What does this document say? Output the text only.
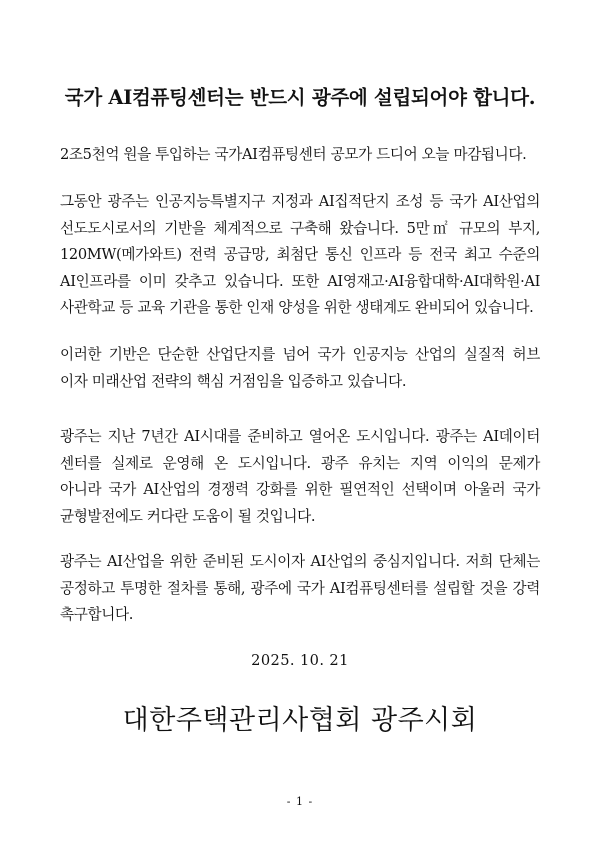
국가 AI컴퓨팅센터는 반드시 광주에 설립되어야 합니다.
2조5천억 원을 투입하는 국가AI컴퓨팅센터 공모가 드디어 오늘 마감됩니다.
그동안 광주는 인공지능특별지구 지정과 AI집적단지 조성 등 국가 AI산업의
선도도시로서의 기반을 체계적으로 구축해 왔습니다. 5만㎡ 규모의 부지,
120MW(메가와트) 전력 공급망, 최첨단 통신 인프라 등 전국 최고 수준의
AI인프라를 이미 갖추고 있습니다. 또한 AI영재고·AI융합대학·AI대학원·AI
사관학교 등 교육 기관을 통한 인재 양성을 위한 생태계도 완비되어 있습니다.
이러한 기반은 단순한 산업단지를 넘어 국가 인공지능 산업의 실질적 허브
이자 미래산업 전략의 핵심 거점임을 입증하고 있습니다.
광주는 지난 7년간 AI시대를 준비하고 열어온 도시입니다. 광주는 AI데이터
센터를 실제로 운영해 온 도시입니다. 광주 유치는 지역 이익의 문제가
아니라 국가 AI산업의 경쟁력 강화를 위한 필연적인 선택이며 아울러 국가
균형발전에도 커다란 도움이 될 것입니다.
광주는 AI산업을 위한 준비된 도시이자 AI산업의 중심지입니다. 저희 단체는
공정하고 투명한 절차를 통해, 광주에 국가 AI컴퓨팅센터를 설립할 것을 강력
촉구합니다.
2025. 10. 21
대한주택관리사협회 광주시회
- 1 -
